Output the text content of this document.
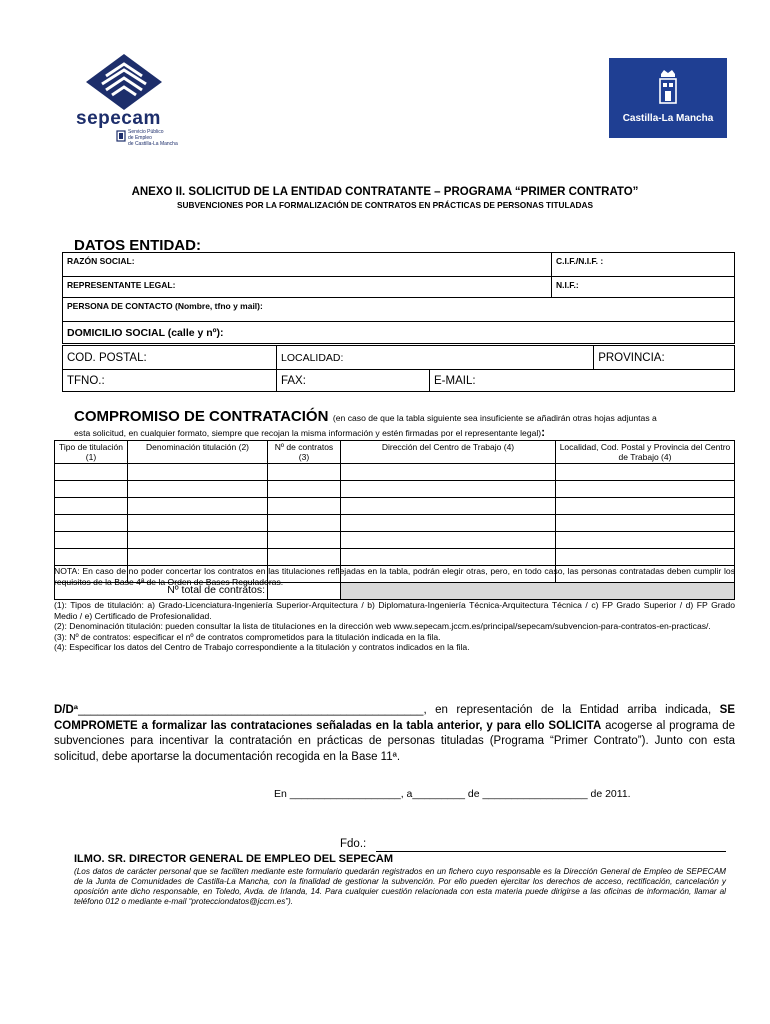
sepecam
Servicio Público
de Empleo
de Castilla-La Mancha
Castilla-La Mancha
ANEXO II. SOLICITUD DE LA ENTIDAD CONTRATANTE – PROGRAMA “PRIMER CONTRATO”
SUBVENCIONES POR LA FORMALIZACIÓN DE CONTRATOS EN PRÁCTICAS DE PERSONAS TITULADAS
DATOS ENTIDAD:
RAZÓN SOCIAL:	C.I.F./N.I.F. :
REPRESENTANTE LEGAL:	N.I.F.:
PERSONA DE CONTACTO (Nombre, tfno y mail):	
DOMICILIO SOCIAL (calle y nº):	
COD. POSTAL:	LOCALIDAD:		PROVINCIA:
TFNO.:	FAX:	E-MAIL:	
COMPROMISO DE CONTRATACIÓN (en caso de que la tabla siguiente sea insuficiente se añadirán otras hojas adjuntas a
esta solicitud, en cualquier formato, siempre que recojan la misma información y estén firmadas por el representante legal):
Tipo de titulación (1)	Denominación titulación (2)	Nº de contratos (3)	Dirección del Centro de Trabajo (4)	Localidad, Cod. Postal y Provincia del Centro de Trabajo (4)

Nº total de contratos:				
NOTA: En caso de no poder concertar los contratos en las titulaciones reflejadas en la tabla, podrán elegir otras, pero, en todo caso, las personas contratadas deben cumplir los requisitos de la Base 4ª de la Orden de Bases Reguladoras.
(1): Tipos de titulación: a) Grado-Licenciatura-Ingeniería Superior-Arquitectura / b) Diplomatura-Ingeniería Técnica-Arquitectura Técnica / c) FP Grado Superior / d) FP Grado Medio / e) Certificado de Profesionalidad.
(2): Denominación titulación: pueden consultar la lista de titulaciones en la dirección web www.sepecam.jccm.es/principal/sepecam/subvencion-para-contratos-en-practicas/.
(3): Nº de contratos: especificar el nº de contratos comprometidos para la titulación indicada en la fila.
(4): Especificar los datos del Centro de Trabajo correspondiente a la titulación y contratos indicados en la fila.
D/Dª______________________________________________________, en representación de la Entidad arriba indicada, SE COMPROMETE a formalizar las contrataciones señaladas en la tabla anterior, y para ello SOLICITA acogerse al programa de subvenciones para incentivar la contratación en prácticas de personas tituladas (Programa “Primer Contrato”). Junto con esta solicitud, debe aportarse la documentación recogida en la Base 11ª.
En ___________________, a_________ de __________________ de 2011.
Fdo.:
ILMO. SR. DIRECTOR GENERAL DE EMPLEO DEL SEPECAM
(Los datos de carácter personal que se faciliten mediante este formulario quedarán registrados en un fichero cuyo responsable es la Dirección General de Empleo de SEPECAM de la Junta de Comunidades de Castilla-La Mancha, con la finalidad de gestionar la subvención. Por ello pueden ejercitar los derechos de acceso, rectificación, cancelación y oposición ante dicho responsable, en Toledo, Avda. de Irlanda, 14. Para cualquier cuestión relacionada con esta materia puede dirigirse a las oficinas de información, llamar al teléfono 012 o mediante e-mail “protecciondatos@jccm.es”).
